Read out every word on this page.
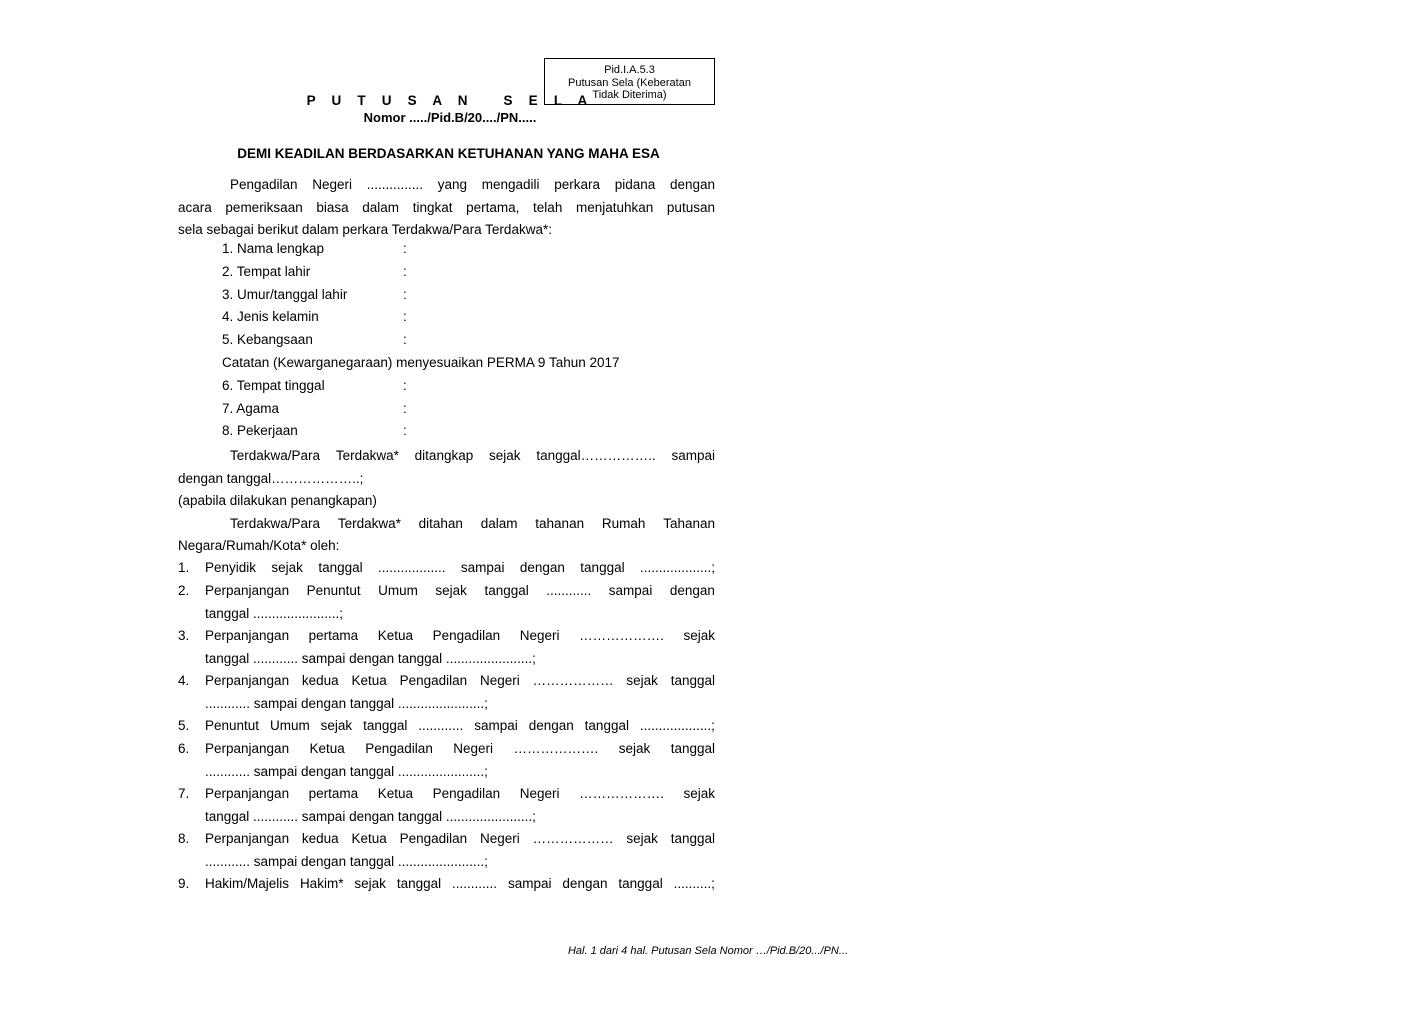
Pid.I.A.5.3
Putusan Sela (Keberatan
Tidak Diterima)
P U T U S A N   S E L A
Nomor ...../Pid.B/20..../PN.....
DEMI KEADILAN BERDASARKAN KETUHANAN YANG MAHA ESA
Pengadilan Negeri ............... yang mengadili perkara pidana dengan
acara pemeriksaan biasa dalam tingkat pertama, telah menjatuhkan putusan
sela sebagai berikut dalam perkara Terdakwa/Para Terdakwa*:
1. Nama lengkap	:
2. Tempat lahir	:
3. Umur/tanggal lahir	:
4. Jenis kelamin	:
5. Kebangsaan	:
Catatan (Kewarganegaraan) menyesuaikan PERMA 9 Tahun 2017
6. Tempat tinggal	:
7. Agama	:
8. Pekerjaan	:
Terdakwa/Para Terdakwa* ditangkap sejak tanggal…………….. sampai
dengan tanggal………………..;
(apabila dilakukan penangkapan)
Terdakwa/Para Terdakwa* ditahan dalam tahanan Rumah Tahanan
Negara/Rumah/Kota* oleh:
1. Penyidik sejak tanggal .................. sampai dengan tanggal ...................;
2. Perpanjangan Penuntut Umum sejak tanggal ............ sampai dengan
tanggal .......................;
3. Perpanjangan pertama Ketua Pengadilan Negeri ………………. sejak
tanggal ............ sampai dengan tanggal .......................;
4. Perpanjangan kedua Ketua Pengadilan Negeri ……………… sejak tanggal
............ sampai dengan tanggal .......................;
5. Penuntut Umum sejak tanggal ............ sampai dengan tanggal ...................;
6. Perpanjangan Ketua Pengadilan Negeri ………………. sejak tanggal
............ sampai dengan tanggal .......................;
7. Perpanjangan pertama Ketua Pengadilan Negeri ………………. sejak
tanggal ............ sampai dengan tanggal .......................;
8. Perpanjangan kedua Ketua Pengadilan Negeri ……………… sejak tanggal
............ sampai dengan tanggal .......................;
9. Hakim/Majelis Hakim* sejak tanggal ............ sampai dengan tanggal ..........;
Hal. 1 dari 4 hal. Putusan Sela Nomor …/Pid.B/20.../PN...
